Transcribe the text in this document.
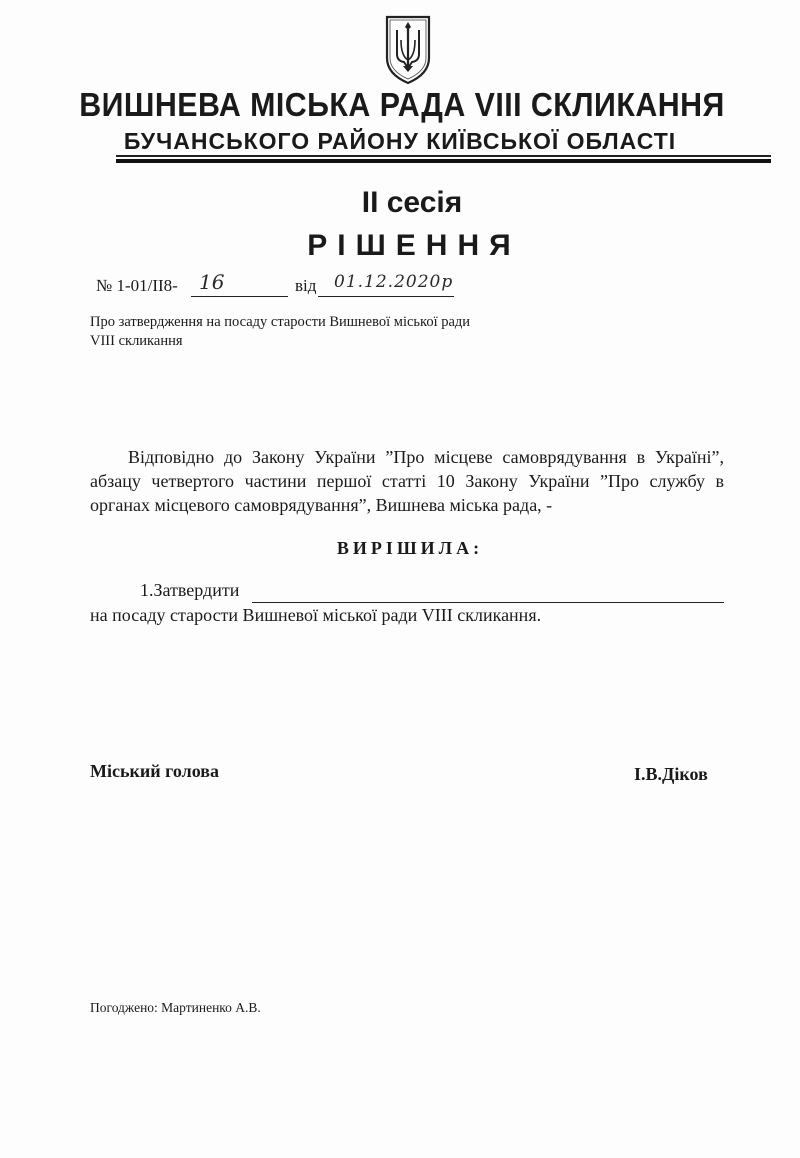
ВИШНЕВА МІСЬКА РАДА VIII СКЛИКАННЯ
БУЧАНСЬКОГО РАЙОНУ КИЇВСЬКОЇ ОБЛАСТІ
ІІ сесія
РІШЕННЯ
№ 1-01/ІІ8- 16	від 01.12.2020р
Про затвердження на посаду старости Вишневої міської ради VIII скликання
Відповідно до Закону України ”Про місцеве самоврядування в Україні”, абзацу четвертого частини першої статті 10 Закону України ”Про службу в органах місцевого самоврядування”, Вишнева міська рада, -
ВИРІШИЛА:
1.Затвердити
на посаду старости Вишневої міської ради VIII скликання.
Міський голова	І.В.Діков
Погоджено: Мартиненко А.В.
